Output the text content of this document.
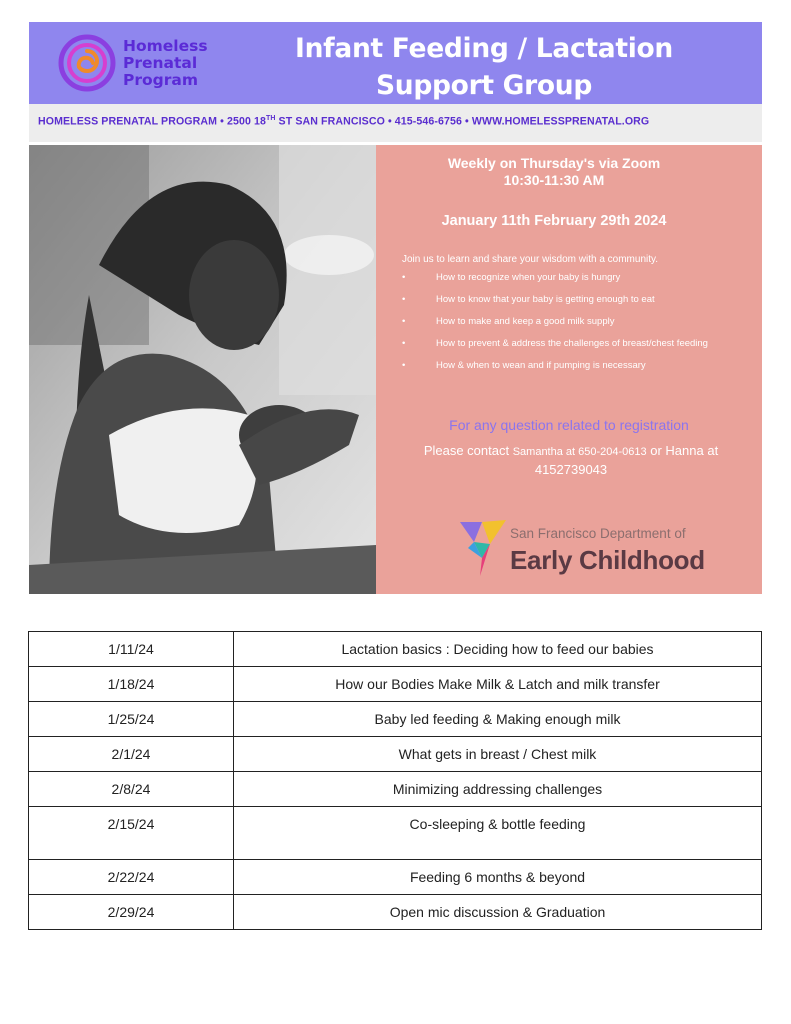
Homeless
Prenatal
Program
Infant Feeding / Lactation
Support Group
HOMELESS PRENATAL PROGRAM • 2500 18TH ST SAN FRANCISCO • 415-546-6756 • WWW.HOMELESSPRENATAL.ORG
Weekly on Thursday's via Zoom
10:30-11:30 AM
January 11th February 29th 2024
Join us to learn and share your wisdom with a community.
•	How to recognize when your baby is hungry
•	How to know that your baby is getting enough to eat
•	How to make and keep a good milk supply
•	How to prevent & address the challenges of breast/chest feeding
•	How & when to wean and if pumping is necessary
For any question related to registration
Please contact Samantha at 650-204-0613 or Hanna at 4152739043
San Francisco Department of
Early Childhood
1/11/24	Lactation basics : Deciding how to feed our babies
1/18/24	How our Bodies Make Milk & Latch and milk transfer
1/25/24	Baby led feeding & Making enough milk
2/1/24	What gets in breast / Chest milk
2/8/24	Minimizing addressing challenges
2/15/24	Co-sleeping & bottle feeding
2/22/24	Feeding 6 months & beyond
2/29/24	Open mic discussion & Graduation
